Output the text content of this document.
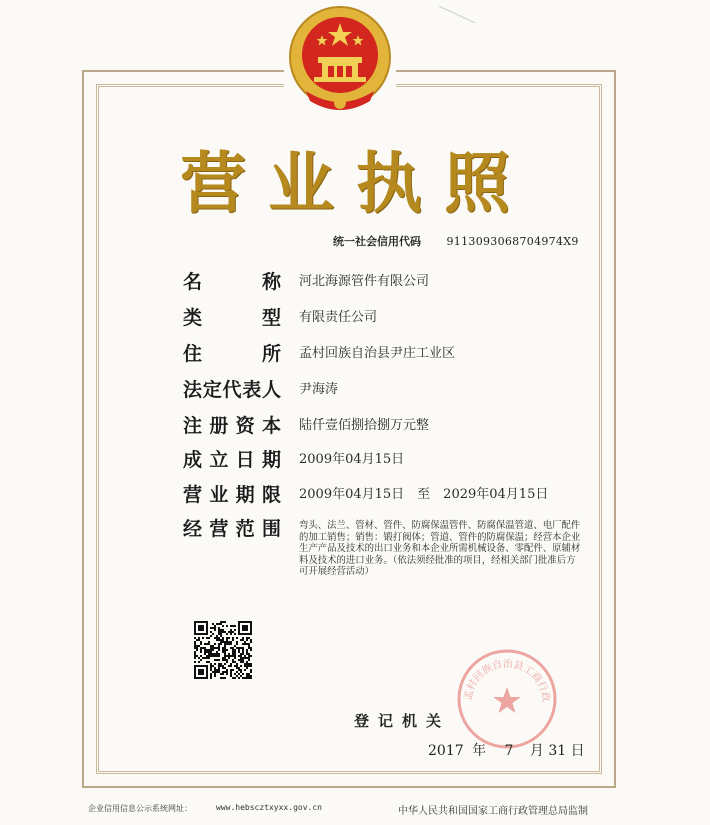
营业执照
统一社会信用代码 911309306870497​4X9
名　　称 河北海源管件有限公司
类　　型 有限责任公司
住　　所 孟村回族自治县尹庄工业区
法定代表人 尹海涛
注册资本 陆仟壹佰捌拾捌万元整
成立日期 2009年04月15日
营业期限 2009年04月15日　至　2029年04月15日
经营范围 弯头、法兰、管材、管件、防腐保温管件、防腐保温管道、电厂配件的加工销售；销售：锻打阀体；管道、管件的防腐保温；经营本企业生产产品及技术的出口业务和本企业所需机械设备、零配件、原辅材料及技术的进口业务。（依法须经批准的项目，经相关部门批准后方可开展经营活动）
孟村回族自治县工商行政
登记机关
2017 年 7 月 31 日
企业信用信息公示系统网址：	www.hebscztxyxx.gov.cn	中华人民共和国国家工商行政管理总局监制
